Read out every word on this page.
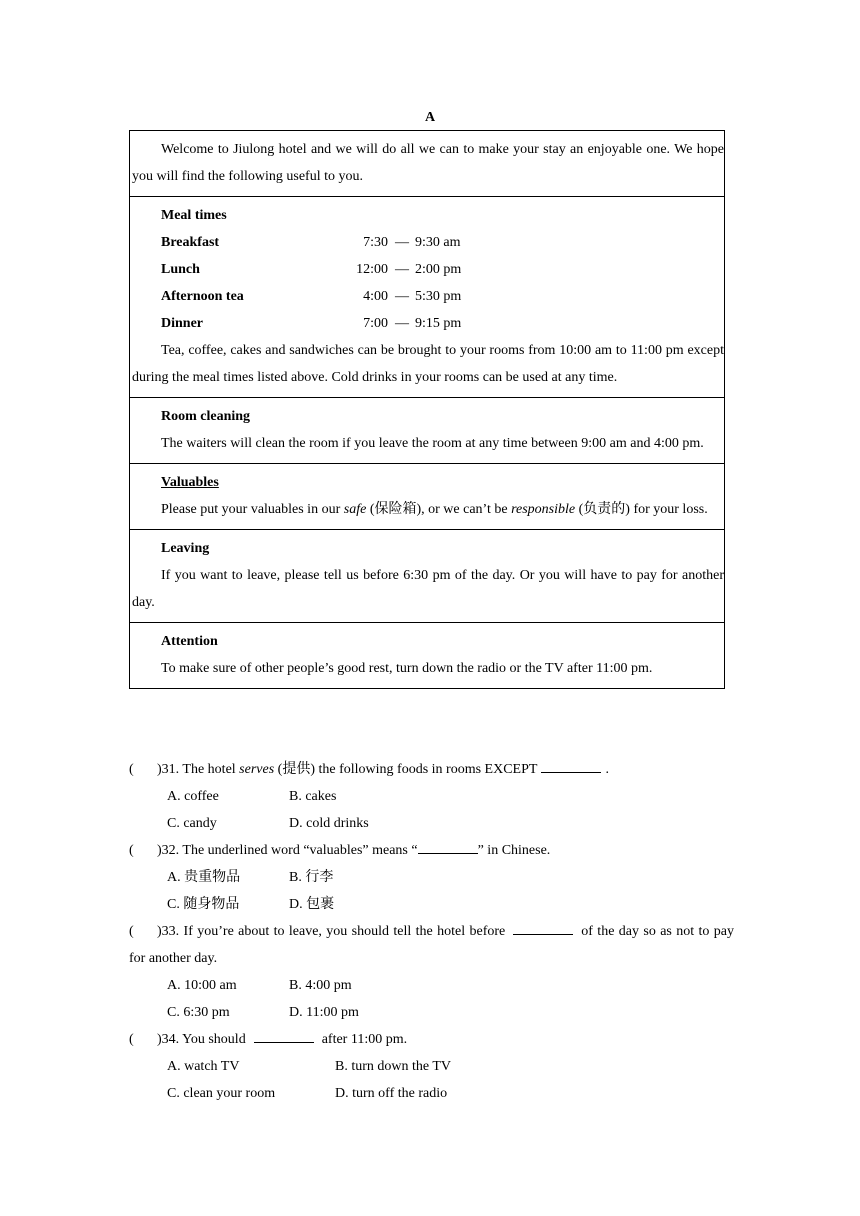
A

Welcome to Jiulong hotel and we will do all we can to make your stay an enjoyable one. We hope you will find the following useful to you.

Meal times

Breakfast	7:30 — 9:30 am
Lunch	12:00 — 2:00 pm
Afternoon tea	4:00 — 5:30 pm
Dinner	7:00 — 9:15 pm

Tea, coffee, cakes and sandwiches can be brought to your rooms from 10:00 am to 11:00 pm except during the meal times listed above. Cold drinks in your rooms can be used at any time.

Room cleaning

The waiters will clean the room if you leave the room at any time between 9:00 am and 4:00 pm.

Valuables

Please put your valuables in our safe (保险箱), or we can’t be responsible (负责的) for your loss.

Leaving

If you want to leave, please tell us before 6:30 pm of the day. Or you will have to pay for another day.

Attention

To make sure of other people’s good rest, turn down the radio or the TV after 11:00 pm.

( )31. The hotel serves (提供) the following foods in rooms EXCEPT	.
A. coffee	B. cakes
C. candy	D. cold drinks
( )32. The underlined word “valuables” means “	” in Chinese.
A. 贵重物品	B. 行李
C. 随身物品	D. 包裹
( )33. If you’re about to leave, you should tell the hotel before	of the day so as not to pay for another day.
A. 10:00 am	B. 4:00 pm
C. 6:30 pm	D. 11:00 pm
( )34. You should	after 11:00 pm.
A. watch TV	B. turn down the TV
C. clean your room	D. turn off the radio
